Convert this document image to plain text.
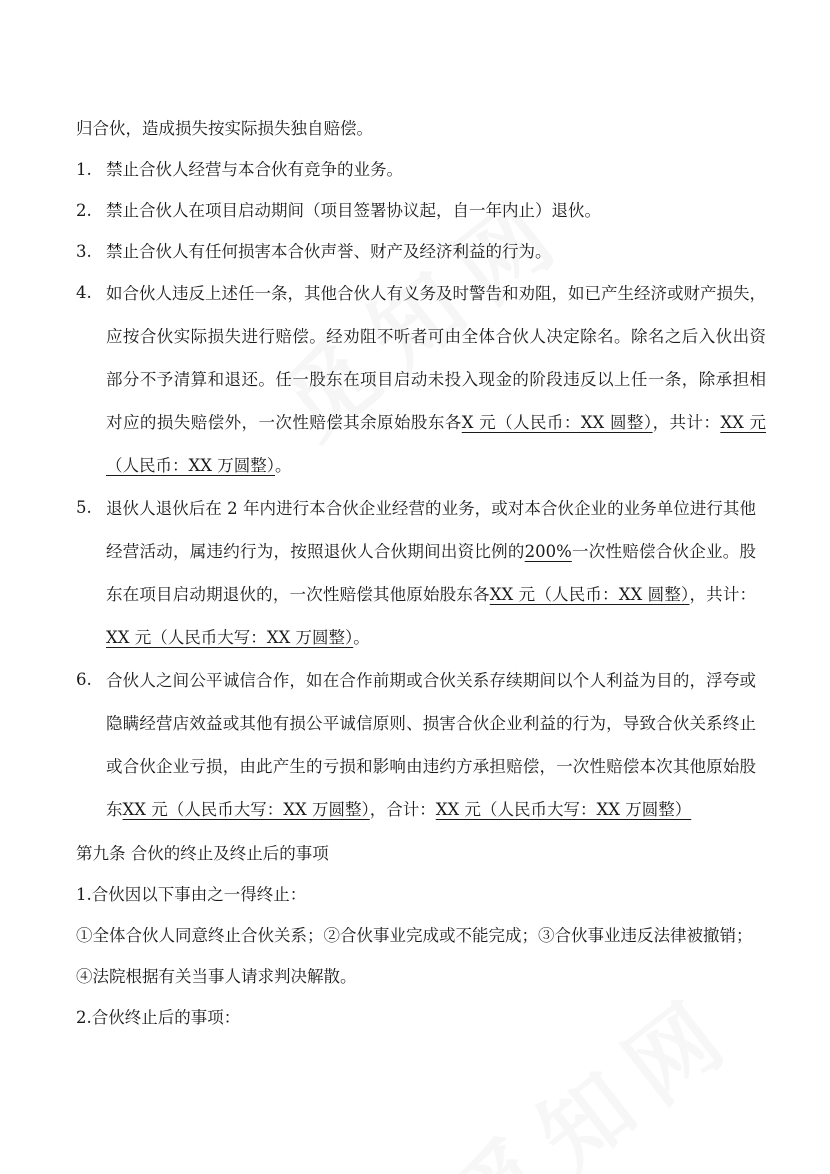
归合伙，造成损失按实际损失独自赔偿。

1. 禁止合伙人经营与本合伙有竞争的业务。
2. 禁止合伙人在项目启动期间（项目签署协议起，自一年内止）退伙。
3. 禁止合伙人有任何损害本合伙声誉、财产及经济利益的行为。
4. 如合伙人违反上述任一条，其他合伙人有义务及时警告和劝阻，如已产生经济或财产损失，
应按合伙实际损失进行赔偿。经劝阻不听者可由全体合伙人决定除名。除名之后入伙出资
部分不予清算和退还。任一股东在项目启动未投入现金的阶段违反以上任一条，除承担相
对应的损失赔偿外，一次性赔偿其余原始股东各X 元（人民币：XX 圆整），共计：XX 元
（人民币：XX 万圆整）。
5. 退伙人退伙后在 2 年内进行本合伙企业经营的业务，或对本合伙企业的业务单位进行其他
经营活动，属违约行为，按照退伙人合伙期间出资比例的200%一次性赔偿合伙企业。股
东在项目启动期退伙的，一次性赔偿其他原始股东各XX 元（人民币：XX 圆整），共计：
XX 元（人民币大写：XX 万圆整）。
6. 合伙人之间公平诚信合作，如在合作前期或合伙关系存续期间以个人利益为目的，浮夸或
隐瞒经营店效益或其他有损公平诚信原则、损害合伙企业利益的行为，导致合伙关系终止
或合伙企业亏损，由此产生的亏损和影响由违约方承担赔偿，一次性赔偿本次其他原始股
东XX 元（人民币大写：XX 万圆整），合计：XX 元（人民币大写：XX 万圆整）

第九条 合伙的终止及终止后的事项

1.合伙因以下事由之一得终止：

①全体合伙人同意终止合伙关系；②合伙事业完成或不能完成；③合伙事业违反法律被撤销；

④法院根据有关当事人请求判决解散。

2.合伙终止后的事项：
